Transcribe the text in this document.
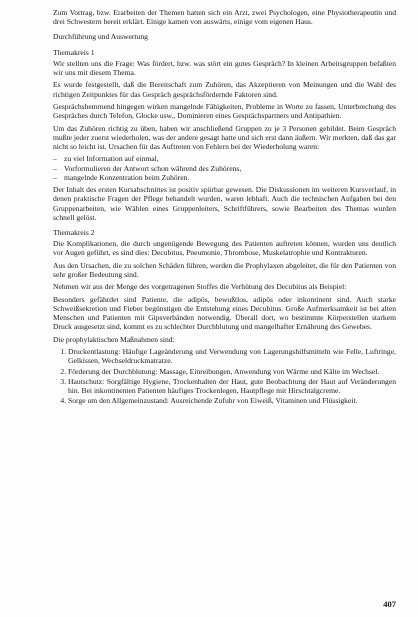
Zum Vortrag, bzw. Erarbeiten der Themen hatten sich ein Arzt, zwei Psychologen, eine Physiotherapeutin und drei Schwestern bereit erklärt. Einige kamen von auswärts, einige vom eigenen Haus.

Durchführung und Auswertung
Themakreis 1

Wir stellten uns die Frage: Was fördert, bzw. was stört ein gutes Gespräch? In kleinen Arbeitsgruppen befaßten wir uns mit diesem Thema.

Es wurde festgestellt, daß die Bereitschaft zum Zuhören, das Akzeptieren von Meinungen und die Wahl des richtigen Zeitpunktes für das Gespräch gesprächsfördernde Faktoren sind.

Gesprächshemmend hingegen wirken mangelnde Fähigkeiten, Probleme in Worte zu fassen, Unterbrechung des Gespräches durch Telefon, Glocke usw., Dominieren eines Gesprächspartners und Antipathien.

Um das Zuhören richtig zu üben, haben wir anschließend Gruppen zu je 3 Personen gebildet. Beim Gespräch mußte jeder zuerst wiederholen, was der andere gesagt hatte und sich erst dann äußern. Wir merkten, daß das gar nicht so leicht ist. Ursachen für das Auftreten von Fehlern bei der Wiederholung waren:

– zu viel Information auf einmal,
– Vorformulieren der Antwort schon während des Zuhörens,
– mangelnde Konzentration beim Zuhören.

Der Inhalt des ersten Kursabschnittes ist positiv spürbar gewesen. Die Diskussionen im weiteren Kursverlauf, in denen praktische Fragen der Pflege behandelt wurden, waren lebhaft. Auch die technischen Aufgaben bei den Gruppenarbeiten, wie Wählen eines Gruppenleiters, Schriftführers, sowie Bearbeiten des Themas wurden schnell gelöst.

Themakreis 2

Die Komplikationen, die durch ungenügende Bewegung des Patienten auftreten können, wurden uns deutlich vor Augen geführt, es sind dies: Decubitus, Pneumonie, Thrombose, Muskelatrophie und Kontrakturen.

Aus den Ursachen, die zu solchen Schäden führen, werden die Prophylaxen abgeleitet, die für den Patienten von sehr großer Bedeutung sind.

Nehmen wir aus der Menge des vorgetragenen Stoffes die Verhütung des Decubitus als Beispiel:

Besonders gefährdet sind Patiente, die adipös, bewußtlos, adipös oder inkontinent sind. Auch starke Schweißsekretion und Fieber begünstigen die Entstehung eines Decubitus. Große Aufmerksamkeit ist bei alten Menschen und Patienten mit Gipsverbänden notwendig. Überall dort, wo bestimmte Körperstellen starkem Druck ausgesetzt sind, kommt es zu schlechter Durchblutung und mangelhafter Ernährung des Gewebes.

Die prophylaktischen Maßnahmen sind:

1. Druckentlastung: Häufige Lageänderung und Verwendung von Lagerungshilfsmitteln wie Felle, Luftringe, Gelkissen, Wechseldruckmatratze.
2. Förderung der Durchblutung: Massage, Einreibungen, Anwendung von Wärme und Kälte im Wechsel.
3. Hautschutz: Sorgfältige Hygiene, Trockenhalten der Haut, gute Beobachtung der Haut auf Veränderungen hin. Bei inkontinenten Patienten häufiges Trockenlegen, Hautpflege mit Hirschtalgcreme.
4. Sorge um den Allgemeinzustand: Ausreichende Zufuhr von Eiweiß, Vitaminen und Flüssigkeit.
407
